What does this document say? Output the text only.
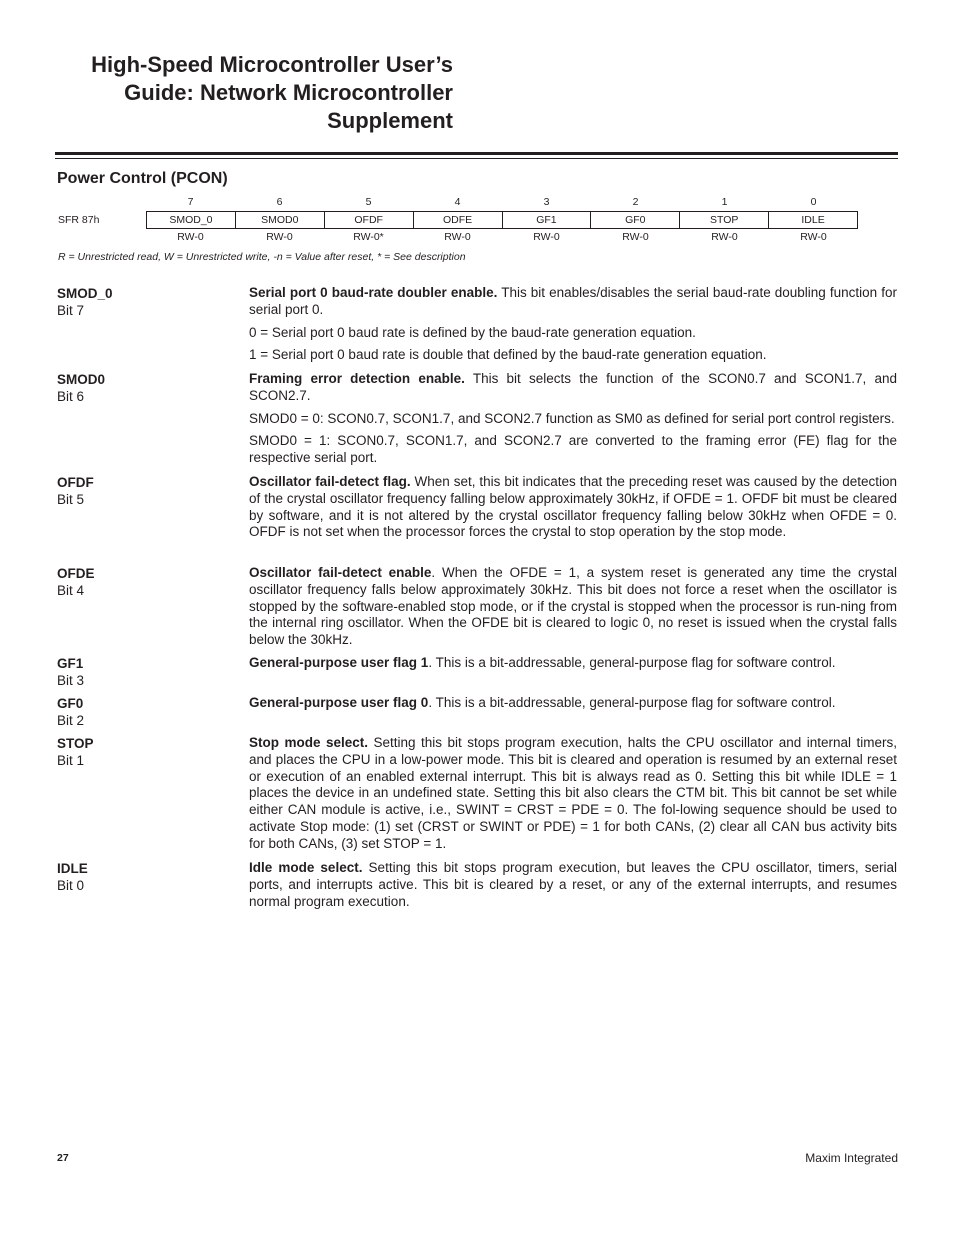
High-Speed Microcontroller User’s
Guide: Network Microcontroller
Supplement
Power Control (PCON)
SFR 87h
7	6	5	4	3	2	1	0
SMOD_0	SMOD0	OFDF	ODFE	GF1	GF0	STOP	IDLE
RW-0	RW-0	RW-0*	RW-0	RW-0	RW-0	RW-0	RW-0
R = Unrestricted read, W = Unrestricted write, -n = Value after reset, * = See description
SMOD_0
Bit 7

Serial port 0 baud-rate doubler enable. This bit enables/disables the serial baud-rate doubling function for serial port 0.

0 = Serial port 0 baud rate is defined by the baud-rate generation equation.

1 = Serial port 0 baud rate is double that defined by the baud-rate generation equation.

SMOD0
Bit 6

Framing error detection enable. This bit selects the function of the SCON0.7 and SCON1.7, and SCON2.7.

SMOD0 = 0: SCON0.7, SCON1.7, and SCON2.7 function as SM0 as defined for serial port control registers.

SMOD0 = 1: SCON0.7, SCON1.7, and SCON2.7 are converted to the framing error (FE) flag for the respective serial port.

OFDF
Bit 5

Oscillator fail-detect flag. When set, this bit indicates that the preceding reset was caused by the detection of the crystal oscillator frequency falling below approximately 30kHz, if OFDE = 1. OFDF bit must be cleared by software, and it is not altered by the crystal oscillator frequency falling below 30kHz when OFDE = 0. OFDF is not set when the processor forces the crystal to stop operation by the stop mode.

OFDE
Bit 4

Oscillator fail-detect enable. When the OFDE = 1, a system reset is generated any time the crystal oscillator frequency falls below approximately 30kHz. This bit does not force a reset when the oscillator is stopped by the software-enabled stop mode, or if the crystal is stopped when the processor is run-ning from the internal ring oscillator. When the OFDE bit is cleared to logic 0, no reset is issued when the crystal falls below the 30kHz.

GF1
Bit 3

General-purpose user flag 1. This is a bit-addressable, general-purpose flag for software control.

GF0
Bit 2

General-purpose user flag 0. This is a bit-addressable, general-purpose flag for software control.

STOP
Bit 1

Stop mode select. Setting this bit stops program execution, halts the CPU oscillator and internal timers, and places the CPU in a low-power mode. This bit is cleared and operation is resumed by an external reset or execution of an enabled external interrupt. This bit is always read as 0. Setting this bit while IDLE = 1 places the device in an undefined state. Setting this bit also clears the CTM bit. This bit cannot be set while either CAN module is active, i.e., SWINT = CRST = PDE = 0. The fol-lowing sequence should be used to activate Stop mode: (1) set (CRST or SWINT or PDE) = 1 for both CANs, (2) clear all CAN bus activity bits for both CANs, (3) set STOP = 1.

IDLE
Bit 0

Idle mode select. Setting this bit stops program execution, but leaves the CPU oscillator, timers, serial ports, and interrupts active. This bit is cleared by a reset, or any of the external interrupts, and resumes normal program execution.

27	Maxim Integrated
